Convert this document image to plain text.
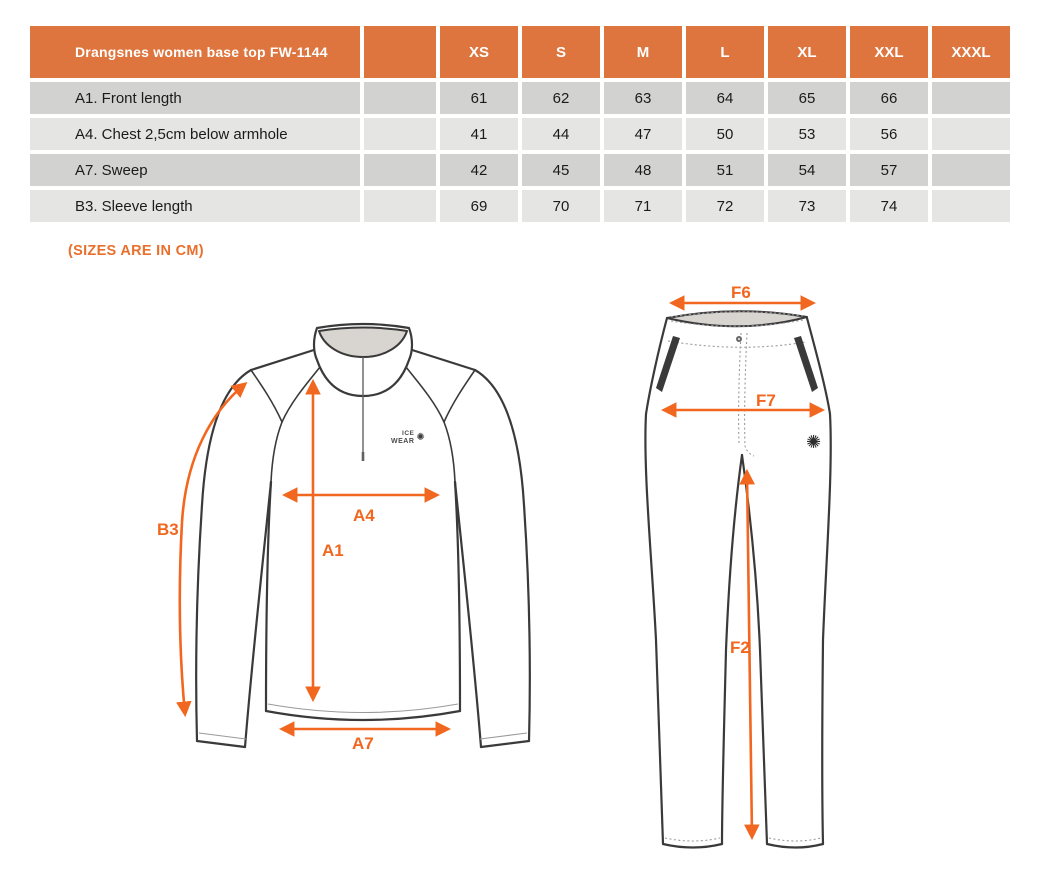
Drangsnes women base top FW-1144	XS	S	M	L	XL	XXL	XXXL
A1. Front length	61	62	63	64	65	66
A4. Chest 2,5cm below armhole	41	44	47	50	53	56
A7. Sweep	42	45	48	51	54	57
B3. Sleeve length	69	70	71	72	73	74
(SIZES ARE IN CM)
B3
A4
A1
A7
ICE
WEAR ✺
F6
F7
F2
✺
